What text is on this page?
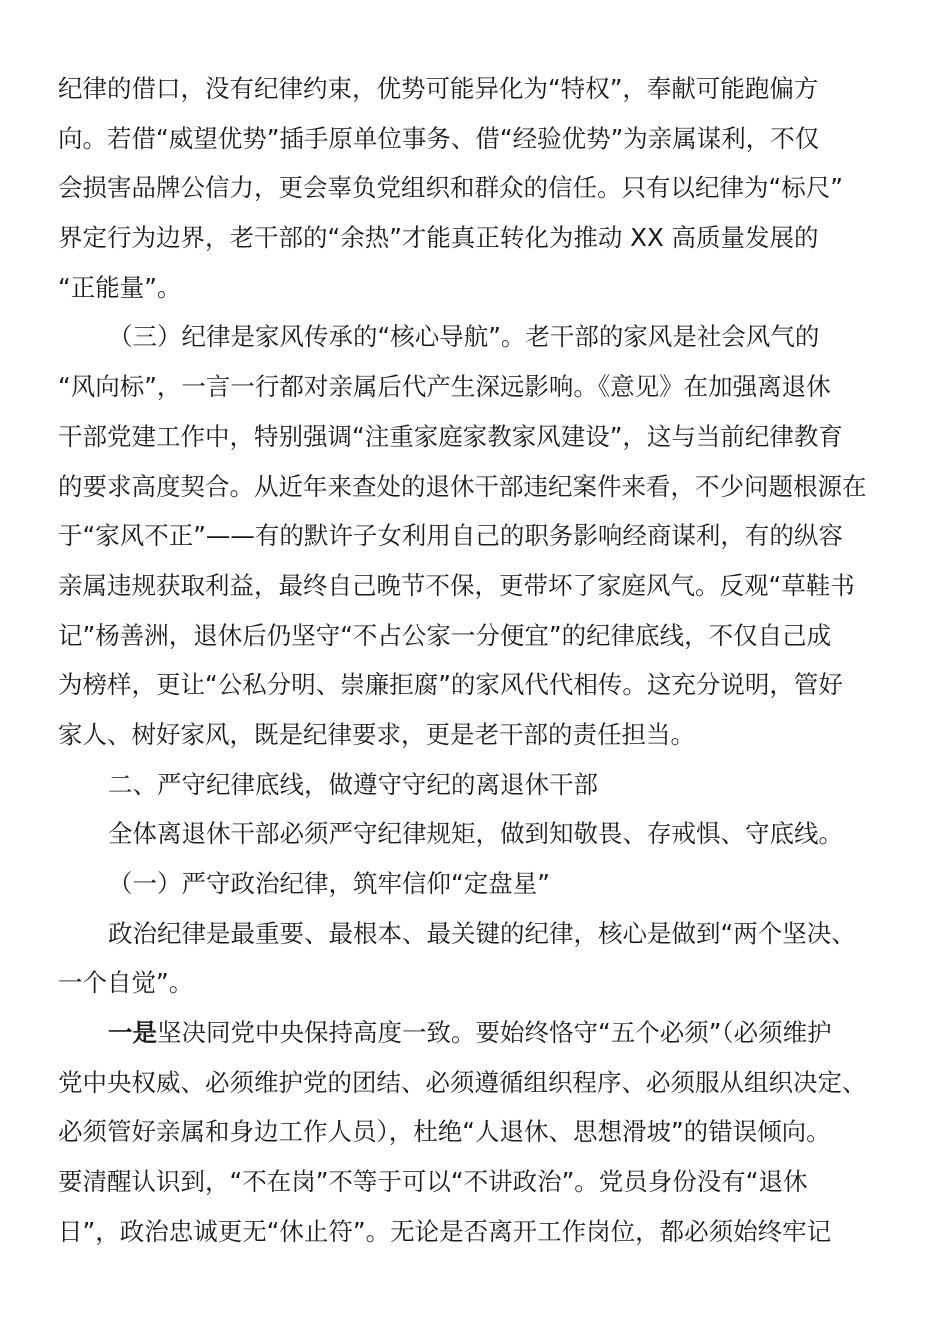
纪律的借口，没有纪律约束，优势可能异化为“特权”，奉献可能跑偏方
向。若借“威望优势”插手原单位事务、借“经验优势”为亲属谋利，不仅
会损害品牌公信力，更会辜负党组织和群众的信任。只有以纪律为“标尺”
界定行为边界，老干部的“余热”才能真正转化为推动 XX 高质量发展的
“正能量”。
（三）纪律是家风传承的“核心导航”。老干部的家风是社会风气的
“风向标”，一言一行都对亲属后代产生深远影响。《意见》在加强离退休
干部党建工作中，特别强调“注重家庭家教家风建设”，这与当前纪律教育
的要求高度契合。从近年来查处的退休干部违纪案件来看，不少问题根源在
于“家风不正”——有的默许子女利用自己的职务影响经商谋利，有的纵容
亲属违规获取利益，最终自己晚节不保，更带坏了家庭风气。反观“草鞋书
记”杨善洲，退休后仍坚守“不占公家一分便宜”的纪律底线，不仅自己成
为榜样，更让“公私分明、崇廉拒腐”的家风代代相传。这充分说明，管好
家人、树好家风，既是纪律要求，更是老干部的责任担当。
二、严守纪律底线，做遵守守纪的离退休干部
全体离退休干部必须严守纪律规矩，做到知敬畏、存戒惧、守底线。
（一）严守政治纪律，筑牢信仰“定盘星”
政治纪律是最重要、最根本、最关键的纪律，核心是做到“两个坚决、
一个自觉”。
一是坚决同党中央保持高度一致。要始终恪守“五个必须”（必须维护
党中央权威、必须维护党的团结、必须遵循组织程序、必须服从组织决定、
必须管好亲属和身边工作人员），杜绝“人退休、思想滑坡”的错误倾向。
要清醒认识到，“不在岗”不等于可以“不讲政治”。党员身份没有“退休
日”，政治忠诚更无“休止符”。无论是否离开工作岗位，都必须始终牢记
